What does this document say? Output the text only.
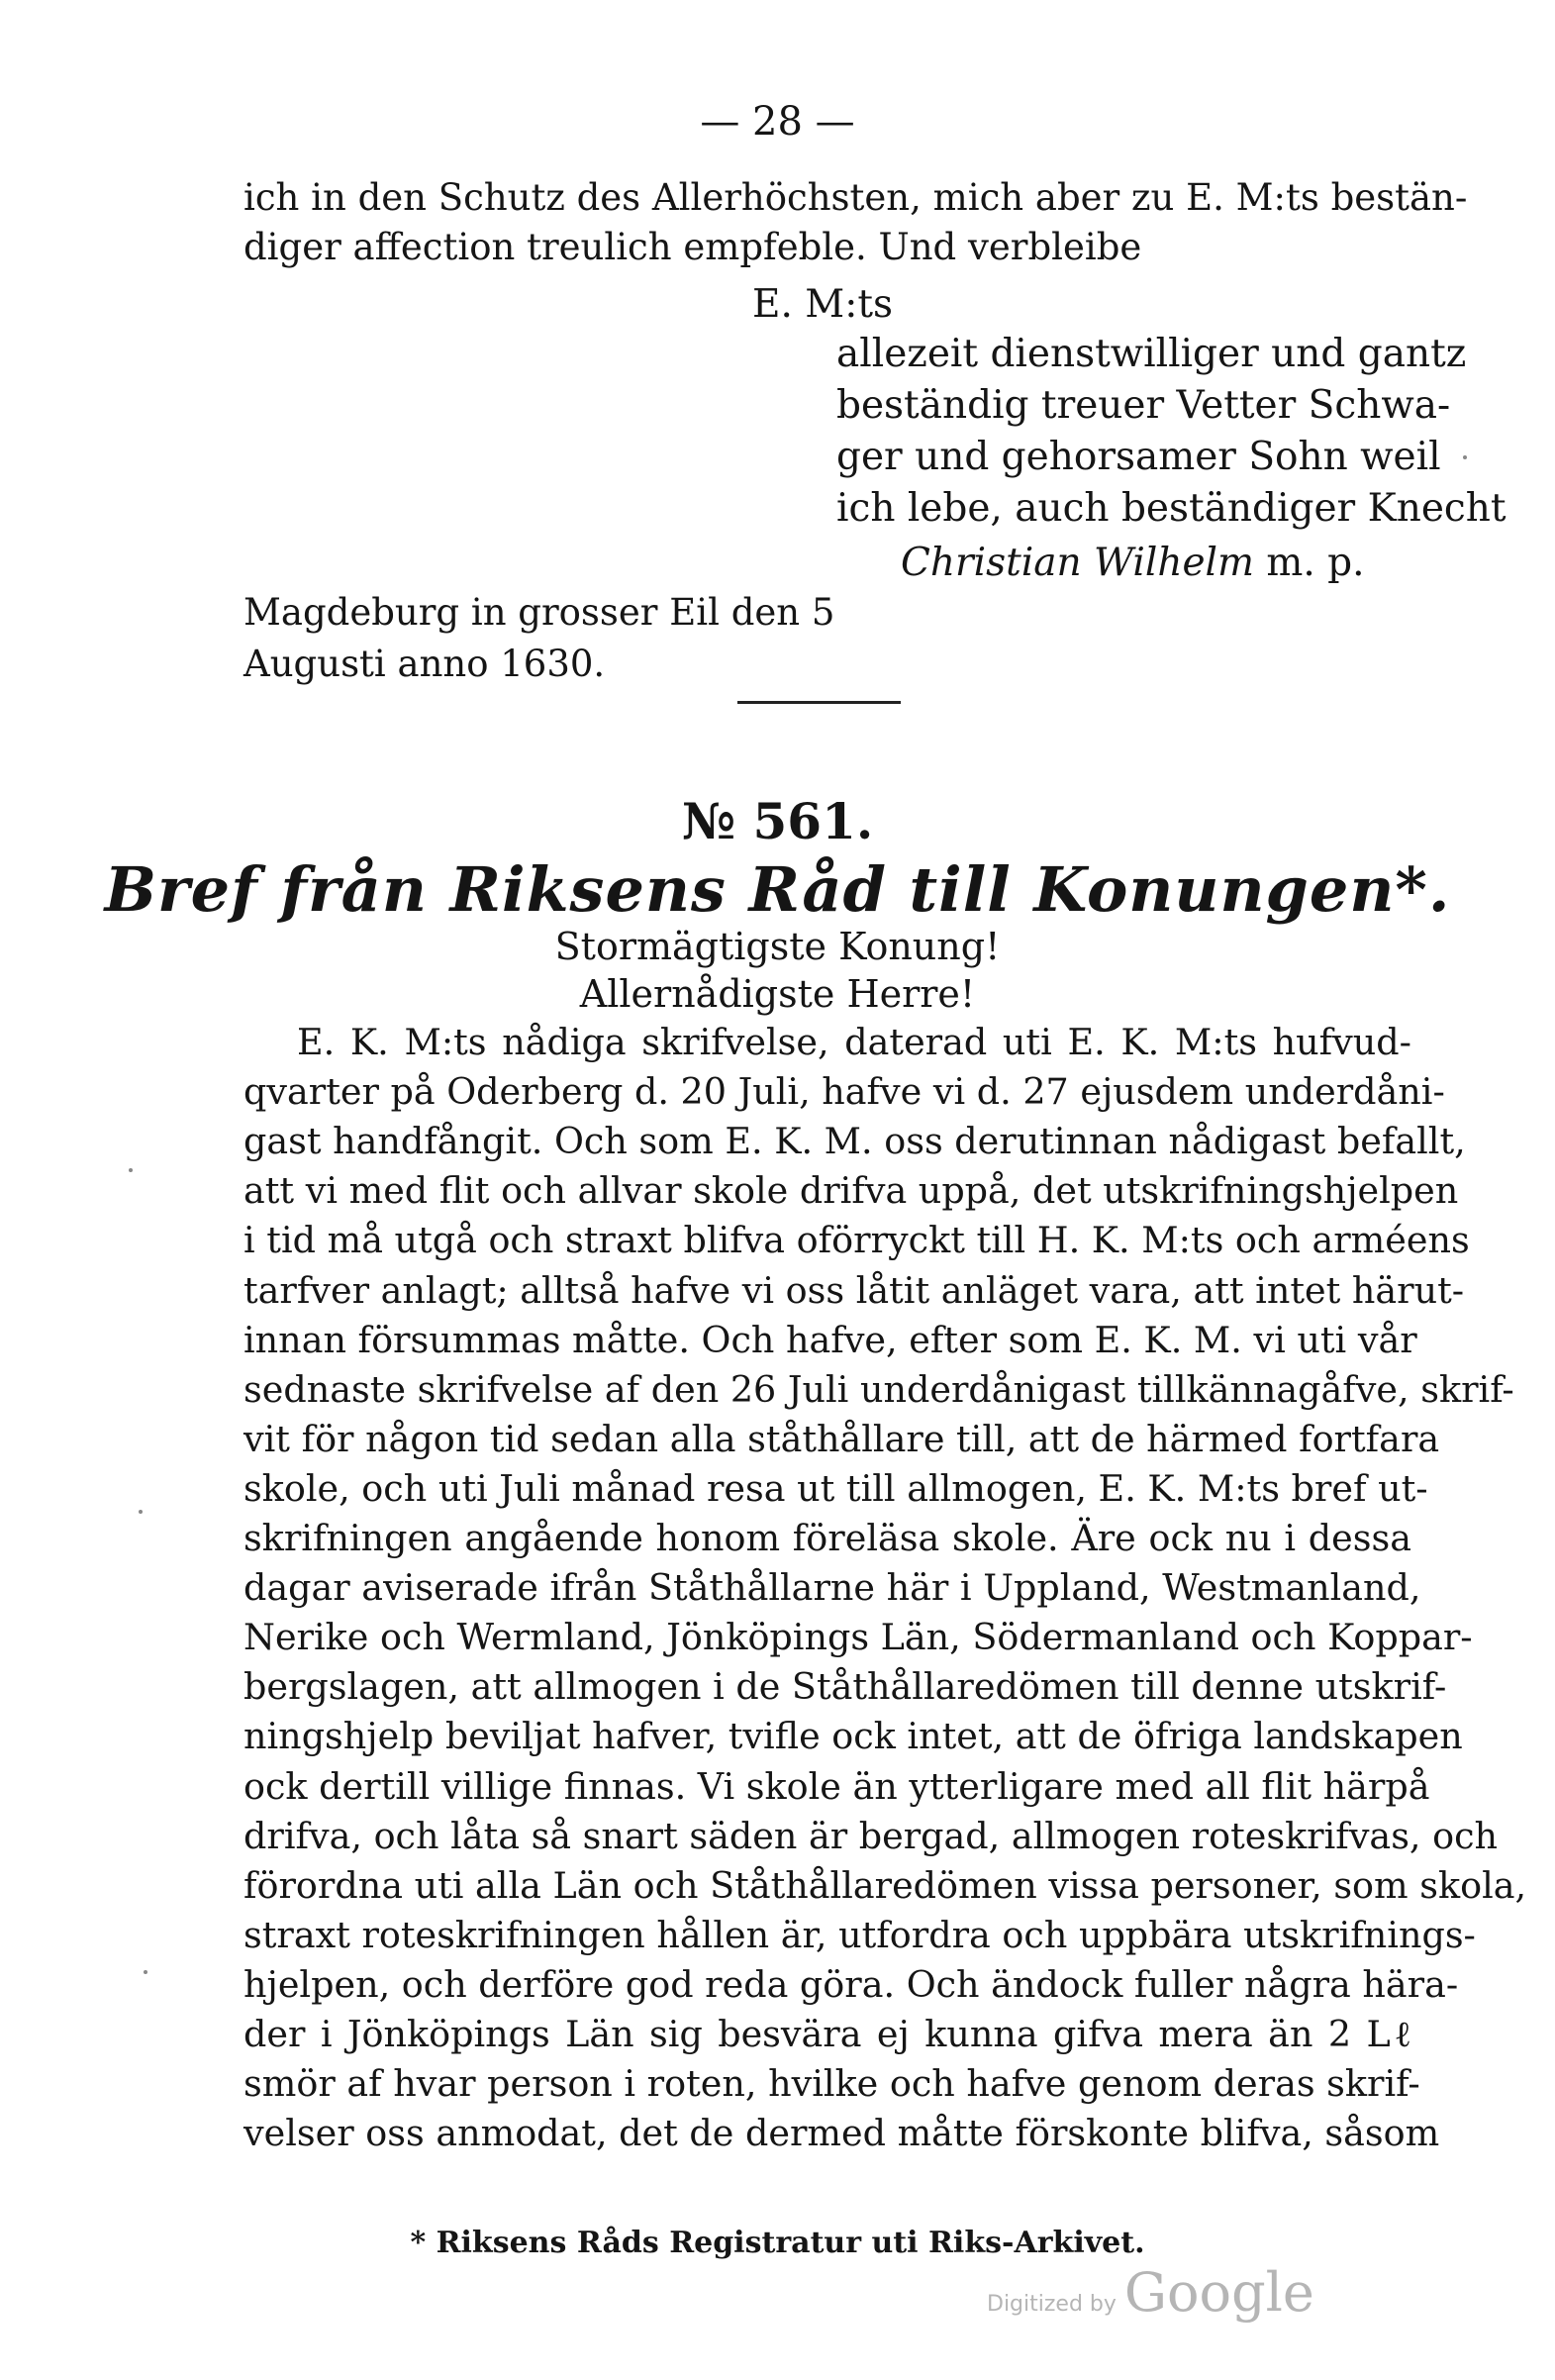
— 28 —
ich in den Schutz des Allerhöchsten, mich aber zu E. M:ts bestän-
diger affection treulich empfeble. Und verbleibe
E. M:ts
allezeit dienstwilliger und gantz
beständig treuer Vetter Schwa-
ger und gehorsamer Sohn weil
ich lebe, auch beständiger Knecht
Christian Wilhelm m. p.
Magdeburg in grosser Eil den 5
Augusti anno 1630.
№ 561.
Bref från Riksens Råd till Konungen*.
Stormägtigste Konung!
Allernådigste Herre!
E. K. M:ts nådiga skrifvelse, daterad uti E. K. M:ts hufvud-
qvarter på Oderberg d. 20 Juli, hafve vi d. 27 ejusdem underdåni-
gast handfångit. Och som E. K. M. oss derutinnan nådigast befallt,
att vi med flit och allvar skole drifva uppå, det utskrifningshjelpen
i tid må utgå och straxt blifva oförryckt till H. K. M:ts och arméens
tarfver anlagt; alltså hafve vi oss låtit anläget vara, att intet härut-
innan försummas måtte. Och hafve, efter som E. K. M. vi uti vår
sednaste skrifvelse af den 26 Juli underdånigast tillkännagåfve, skrif-
vit för någon tid sedan alla ståthållare till, att de härmed fortfara
skole, och uti Juli månad resa ut till allmogen, E. K. M:ts bref ut-
skrifningen angående honom föreläsa skole. Äre ock nu i dessa
dagar aviserade ifrån Ståthållarne här i Uppland, Westmanland,
Nerike och Wermland, Jönköpings Län, Södermanland och Koppar-
bergslagen, att allmogen i de Ståthållaredömen till denne utskrif-
ningshjelp beviljat hafver, tvifle ock intet, att de öfriga landskapen
ock dertill villige finnas. Vi skole än ytterligare med all flit härpå
drifva, och låta så snart säden är bergad, allmogen roteskrifvas, och
förordna uti alla Län och Ståthållaredömen vissa personer, som skola,
straxt roteskrifningen hållen är, utfordra och uppbära utskrifnings-
hjelpen, och derföre god reda göra. Och ändock fuller några härа-
der i Jönköpings Län sig besvära ej kunna gifva mera än 2 Lℓ
smör af hvar person i roten, hvilke och hafve genom deras skrif-
velser oss anmodat, det de dermed måtte förskonte blifva, såsom
* Riksens Råds Registratur uti Riks-Arkivet.
Digitized by Google
